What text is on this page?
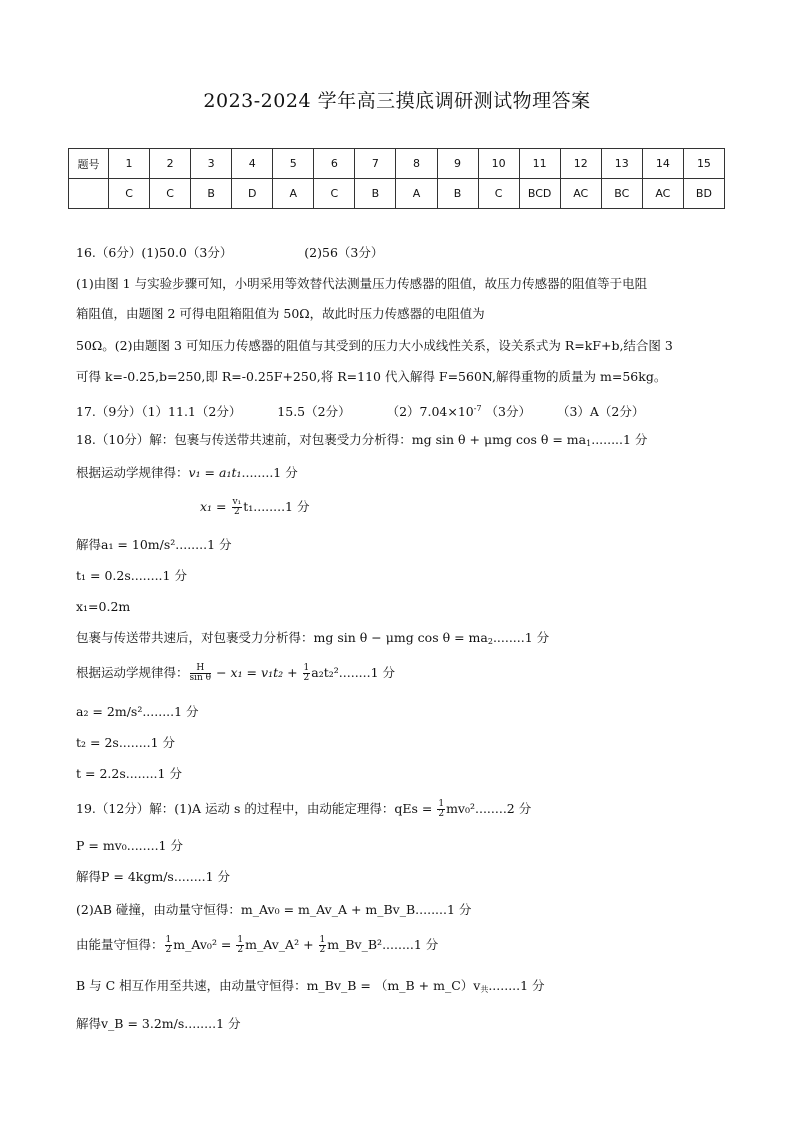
2023-2024 学年高三摸底调研测试物理答案
题号	1	2	3	4	5	6	7	8	9	10	11	12	13	14	15
	C	C	B	D	A	C	B	A	B	C	BCD	AC	BC	AC	BD
16.（6分）(1)50.0（3分）	(2)56（3分）
(1)由图 1 与实验步骤可知，小明采用等效替代法测量压力传感器的阻值，故压力传感器的阻值等于电阻
箱阻值，由题图 2 可得电阻箱阻值为 50Ω，故此时压力传感器的电阻值为
50Ω。(2)由题图 3 可知压力传感器的阻值与其受到的压力大小成线性关系，设关系式为 R=kF+b,结合图 3
可得 k=-0.25,b=250,即 R=-0.25F+250,将 R=110 代入解得 F=560N,解得重物的质量为 m=56kg。
17.（9分）（1）11.1（2分）	15.5（2分）	$(2)7.04\times 10^{-7}$ （3分） （3）A（2分）
18.（10分）解：包裹与传送带共速前，对包裹受力分析得：mg sin θ + μmg $\cos \theta = ma_1........1$ 分
根据运动学规律得：v₁ = a₁t₁........1 分
$x_1 = \frac{\text{v₁}}{2} t_1........1$ 分
解得a₁ = 10m/s²........1 分
t₁ = 0.2s........1 分
x₁=0.2m
包裹与传送带共速后，对包裹受力分析得：mg sin θ − μmg $\cos \theta = ma_2........1$ 分
根据运动学规律得： $\frac{H}{\text{sin θ}} - x_1 = v_1t_2 + \frac{1}{2} a_2t_2^2........1$ 分
a₂ = 2m/s²........1 分
t₂ = 2s........1 分
t = 2.2s........1 分
19.（12分）解：(1)A 运动 s 的过程中，由动能定理得：qEs = $\frac{1}{2} mv_0^2........2$ 分
P = mv₀........1 分
解得P = 4kgm/s........1 分
(2)AB 碰撞，由动量守恒得：m_Av₀ = m_Av_A + m_Bv_B........1 分
由能量守恒得： $\frac{1}{2}$ m_Av₀² = $\frac{1}{2}$ m_Av_A² + $\frac{1}{2}$ m_Bv_B²........1 分
B 与 C 相互作用至共速，由动量守恒得：m_Bv_B = （m_B + $m\_C)v_共........1$ 分
解得v_B = 3.2m/s........1 分
